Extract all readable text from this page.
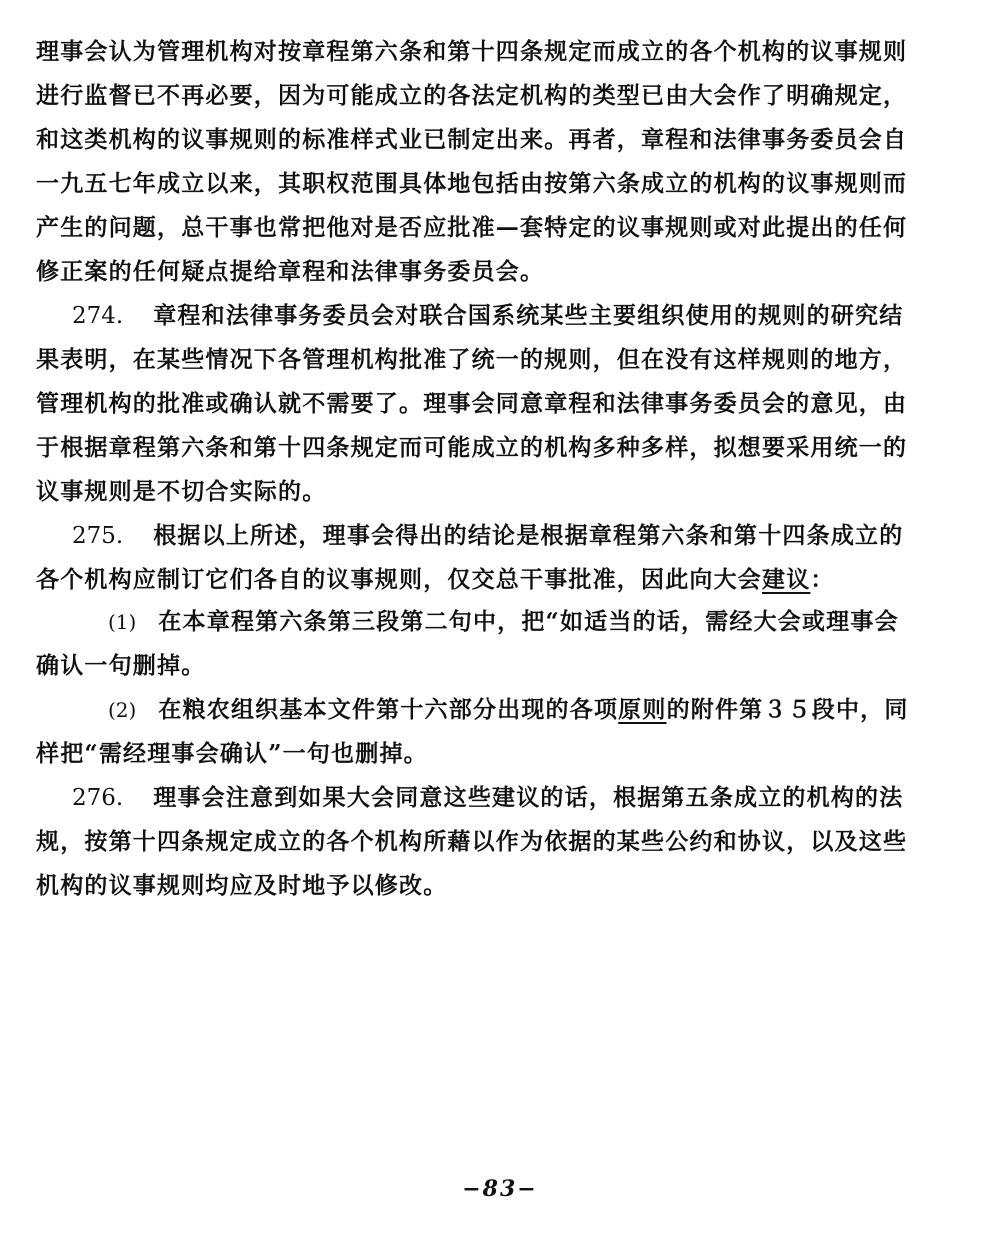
理事会认为管理机构对按章程第六条和第十四条规定而成立的各个机构的议事规则
进行监督已不再必要，因为可能成立的各法定机构的类型已由大会作了明确规定，
和这类机构的议事规则的标准样式业已制定出来。再者，章程和法律事务委员会自
一九五七年成立以来，其职权范围具体地包括由按第六条成立的机构的议事规则而
产生的问题，总干事也常把他对是否应批准—套特定的议事规则或对此提出的任何
修正案的任何疑点提给章程和法律事务委员会。
274. 章程和法律事务委员会对联合国系统某些主要组织使用的规则的研究结
果表明，在某些情况下各管理机构批准了统一的规则，但在没有这样规则的地方，
管理机构的批准或确认就不需要了。理事会同意章程和法律事务委员会的意见，由
于根据章程第六条和第十四条规定而可能成立的机构多种多样，拟想要采用统一的
议事规则是不切合实际的。
275. 根据以上所述，理事会得出的结论是根据章程第六条和第十四条成立的
各个机构应制订它们各自的议事规则，仅交总干事批准，因此向大会建议：
(1) 在本章程第六条第三段第二句中，把“如适当的话，需经大会或理事会
确认一句删掉。
(2) 在粮农组织基本文件第十六部分出现的各项原则的附件第３５段中，同
样把“需经理事会确认”一句也删掉。
276. 理事会注意到如果大会同意这些建议的话，根据第五条成立的机构的法
规，按第十四条规定成立的各个机构所藉以作为依据的某些公约和协议，以及这些
机构的议事规则均应及时地予以修改。
−83−
